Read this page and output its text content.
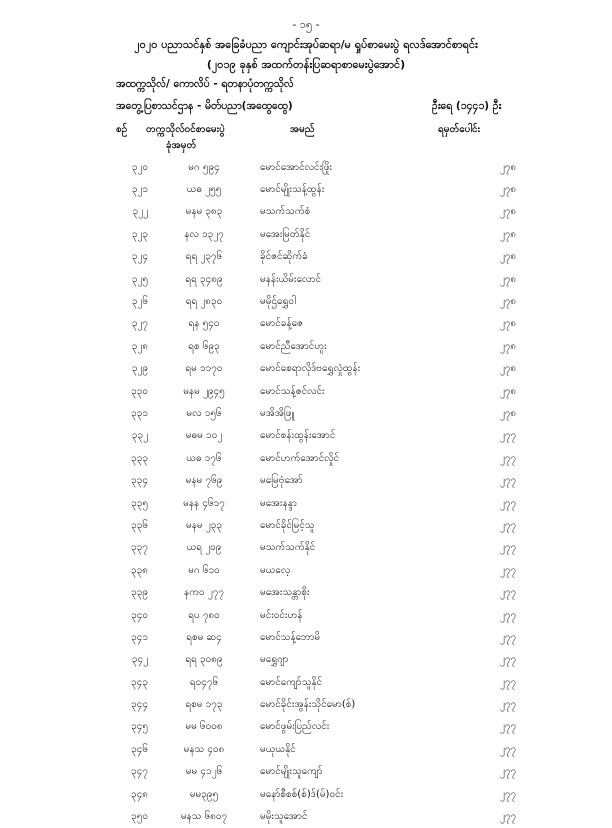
- ၁၅ -
၂၀၂၀ ပညာသင်နှစ် အခြေခံပညာ ကျောင်းအုပ်ဆရာ/မ ရှုပ်စာမေးပွဲ ရလဒ်အောင်စာရင်း
(၂၀၁၉ ခုနှစ် အထက်တန်းပြဆရာစာမေးပွဲအောင်)
အထက္ကသိုလ်/ ကောလိပ် - ရတနာပုံတက္ကသိုလ်
အတွေ့ပြစာသင်ဌာန - မိတ်ပညာ(အထွေထွေ)	ဦးရေ (၁၄၄၁) ဦး
စဉ် တက္ကသိုလ်ဝင်စာမေးပွဲ
ခုံအမှတ်
အမည်	ရမှတ်ပေါင်း
၃၂၀	မဂ ၅၉၄	မောင်အောင်လင်းဖြိုး	၂၇၈
၃၂၁	ယဓ ၂၅၅	မောင်မျိုးသန့်ထွန်း	၂၇၈
၃၂၂	မနမ ၃၈၃	မသက်သက်စံ	၂၇၈
၃၂၃	နလ ၁၃၂၇	မအေးမြတ်နိုင်	၂၇၈
၃၂၄	ရရ ၂၃၇၆	ခိုင်ဇင်ဆိုက်ခံ	၂၇၈
၃၂၅	ရရ ၃၄၈၉	မနန်းယိမ်းလောင်	၂၇၈
၃၂၆	ရရ ၂၈၃၀	မမိုဌ်ရွှေဝါ	၂၇၈
၃၂၇	ရန ၅၄၀	မောင်ခန့်ဇေ	၂၇၈
၃၂၈	ရစ ၆၉၃	မောင်ညီအောင်ဟူး	၂၇၈
၃၂၉	ရမ ၁၁၇၀	မောင်စေရာလိုဒ်ဗရွှေလှုံထွန်း	၂၇၈
၃၃၀	မနမ ၂၉၄၅	မောင်သန့်ဇင်လင်း	၂၇၈
၃၃၁	မလ ၁၅၆	မအိအိဖြူ	၂၇၈
၃၃၂	မဓမ ၁၀၂	မောင်စန်းထွန်းအောင်	၂၇၇
၃၃၃	ယဓ ၁၇၆	မောင်ဟက်အောင်လှိုင်	၂၇၇
၃၃၄	မနမ ၇၆၉	မမြေဗုံအော်	၂၇၇
၃၃၅	မနန ၄၆၁၇	မအေးနန္ဒာ	၂၇၇
၃၃၆	မနမ ၂၃၃	မောင်ခိုင်မြင့်သူ	၂၇၇
၃၃၇	ယရ ၂၀၉	မသက်သက်နိုင်	၂၇၇
၃၃၈	မဂ ၆၁၀	မယလေ့	၂၇၇
၃၃၉	နကဝ ၂၇၇	မအေးသန္တာစိုး	၂၇၇
၃၄၀	ရပ ၇၈၀	မင်းဝင်းဟန်	၂၇၇
၃၄၁	ရစမ ဆ၄	မောင်သန့်ဘောမိ	၂၇၇
၃၄၂	ရရ ၃၀၈၉	မရွှေဂျာ	၂၇၇
၃၄၃	ရ၀၄၇၆	မောင်ကျော်သူနိုင်	၂၇၇
၃၄၄	ရစမ ၁၇၃	မောင်ခိုင်းအွန်းသိုင်မော(စ်)	၂၇၇
၃၄၅	မမ ၆၀၀၈	မောင်ဖွမ်းပြည်လင်း	၂၇၇
၃၄၆	မနသ ၄၀၈	မယုယနိုင်	၂၇၇
၃၄၇	မမ ၄၁၂၆	မောင်မျိုးသူကျော်	၂၇၇
၃၄၈	မမ၃၉၅	မနော်စီစစ်(စ်)ဒ်(မ်)ဝင်း	၂၇၇
၃၅၀	မနသ ၆၈၀၇	မမိုးသူအောင်	၂၇၇
